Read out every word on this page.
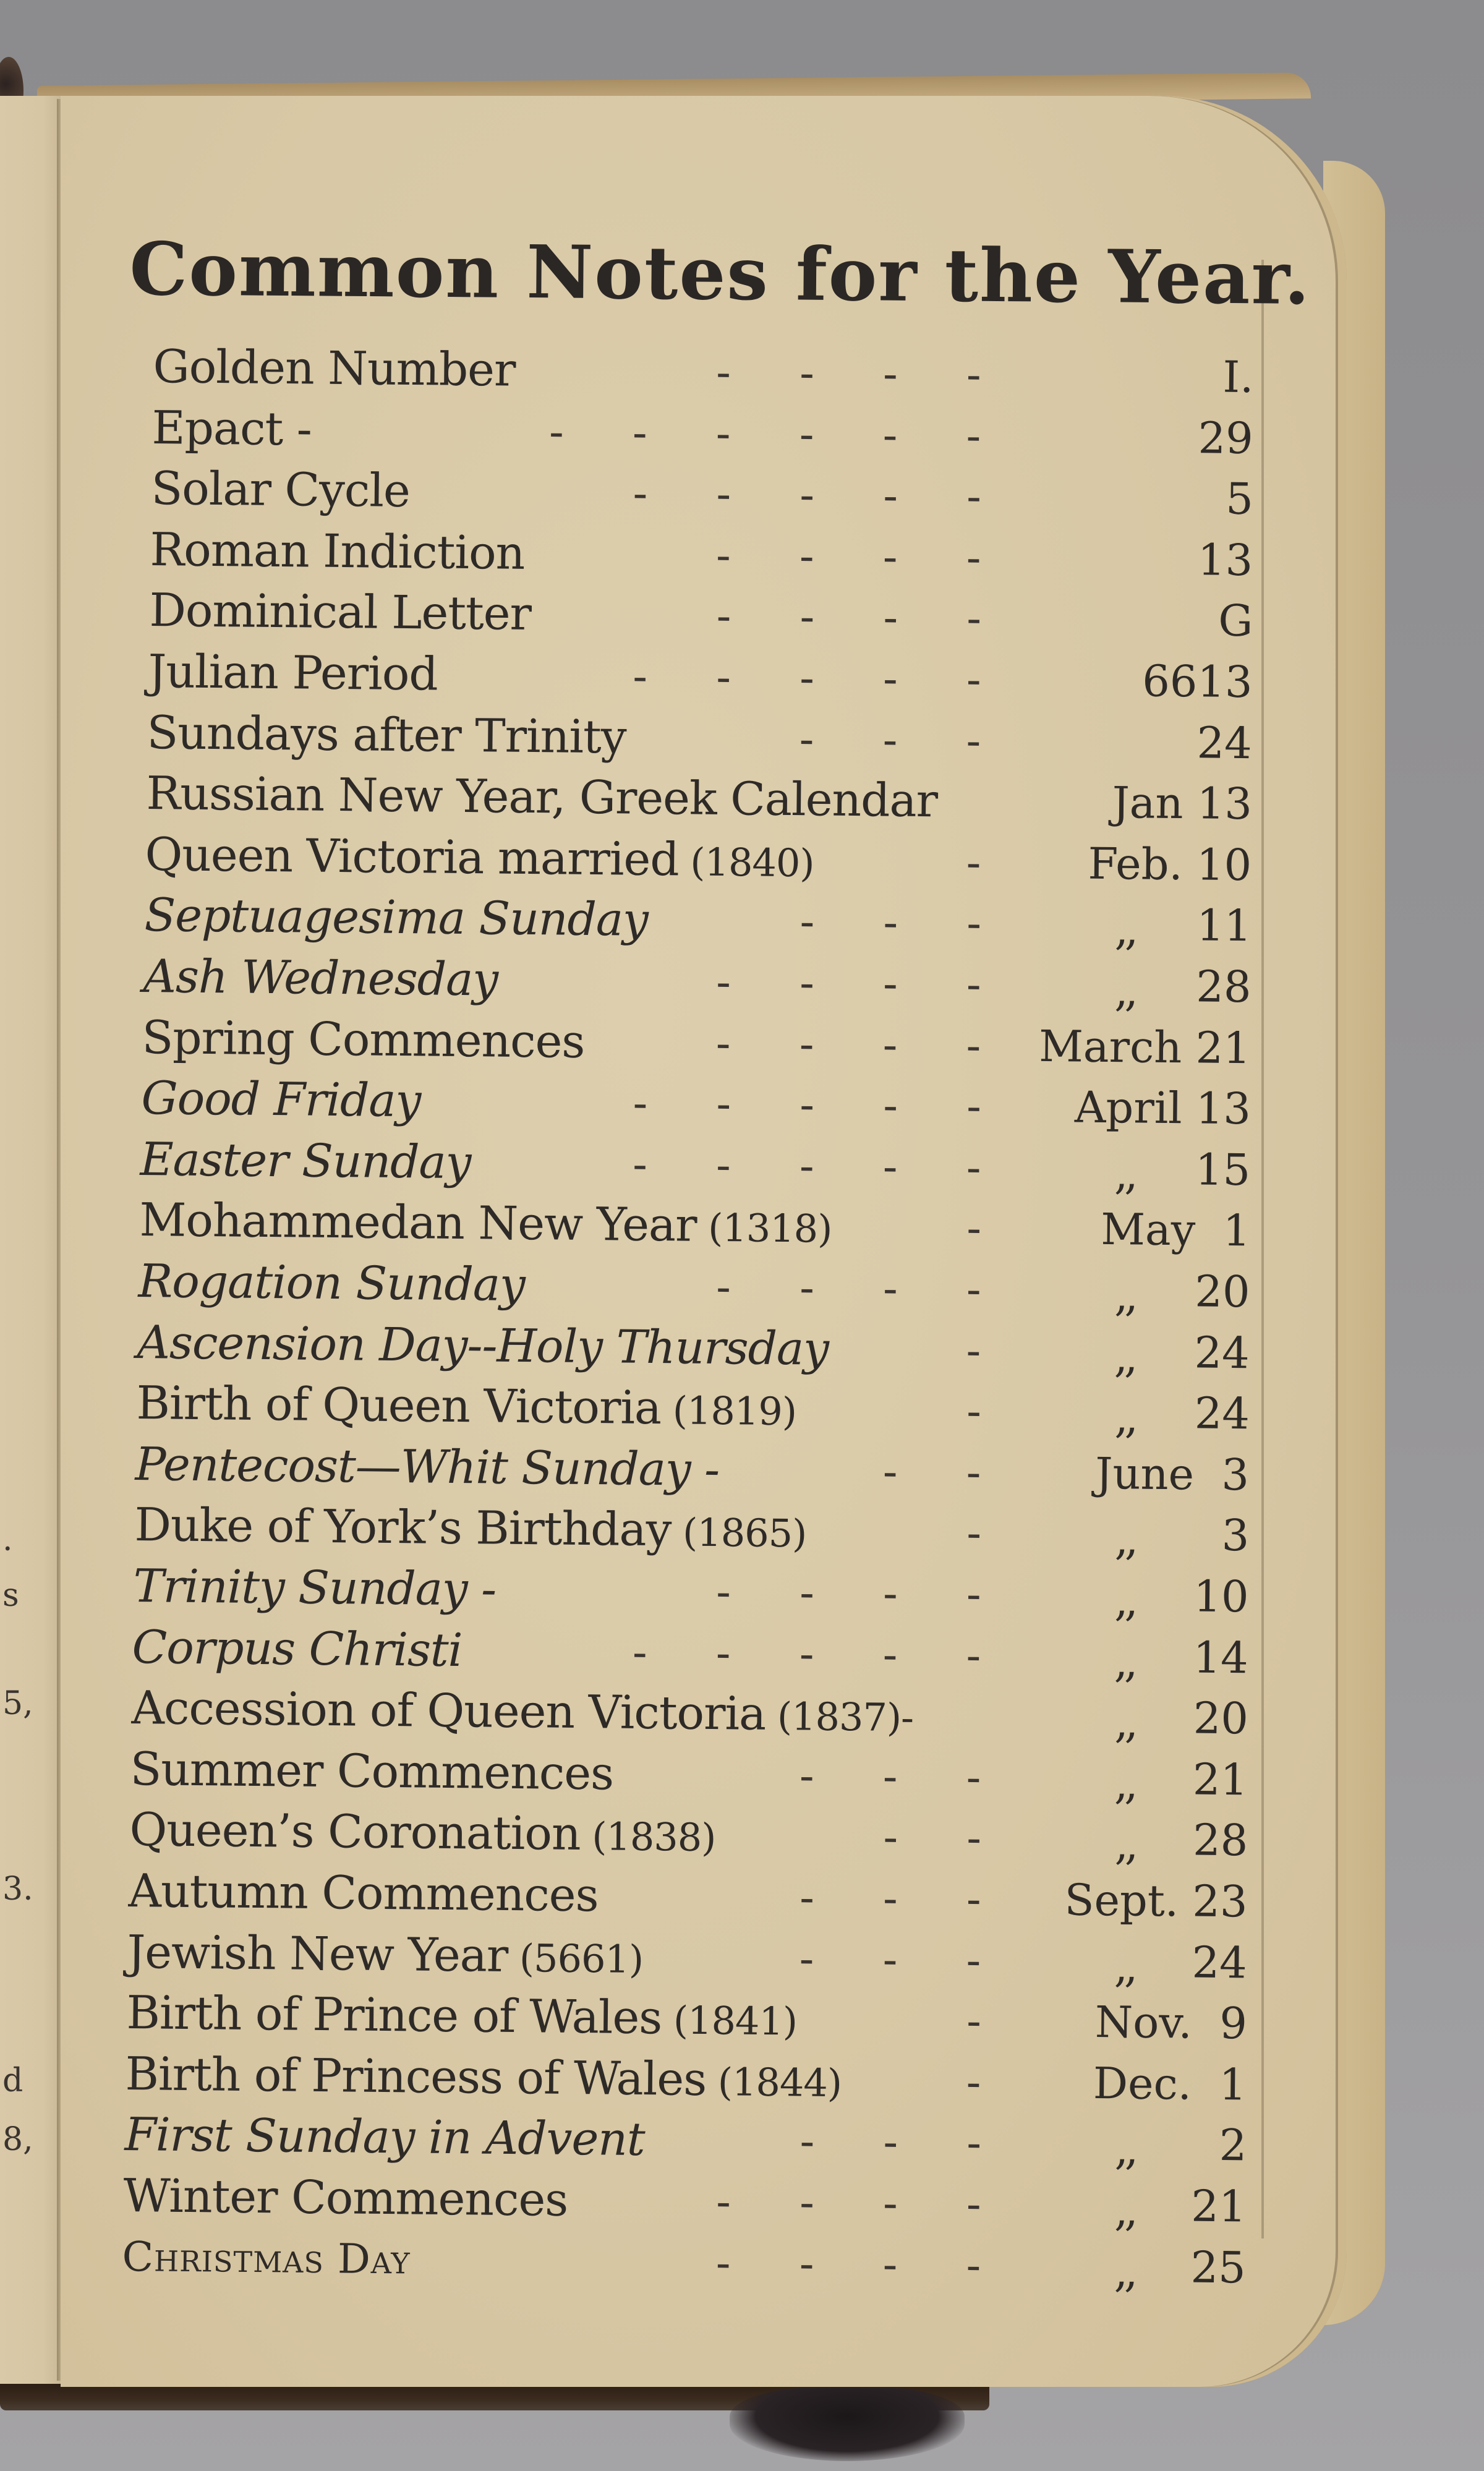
.
s
5,
3.
d
8,
Common Notes for the Year.
Golden Number	-     -     -     -	I.
Epact -	-     -     -     -     -     -	29
Solar Cycle	-     -     -     -     -	5
Roman Indiction	-     -     -     -	13
Dominical Letter	-     -     -     -	G
Julian Period	-     -     -     -     -	6613
Sundays after Trinity	-     -     -	24
Russian New Year, Greek Calendar	Jan 13
Queen Victoria married (1840)	- Feb. 10
Septuagesima Sunday	-     -     -	,, 11
Ash Wednesday	-     -     -     -	,, 28
Spring Commences	-     -     -     - March 21
Good Friday	-     -     -     -     - April 13
Easter Sunday	-     -     -     -     -	,, 15
Mohammedan New Year (1318)	-	May  1
Rogation Sunday	-     -     -     -	,, 20
Ascension Day--Holy Thursday	-	,, 24
Birth of Queen Victoria (1819)	-	,, 24
Pentecost—Whit Sunday -	-     -	June  3
Duke of York’s Birthday (1865)	-	,, 3
Trinity Sunday -	-     -     -     -	,, 10
Corpus Christi	-     -     -     -     -	,, 14
Accession of Queen Victoria (1837)-	,, 20
Summer Commences	-     -     -	,, 21
Queen’s Coronation (1838)	-     -	,, 28
Autumn Commences	-     -     - Sept. 23
Jewish New Year (5661)	-     -     -	,, 24
Birth of Prince of Wales (1841)	-	Nov.  9
Birth of Princess of Wales (1844)	-	Dec.  1
First Sunday in Advent	-     -     -	,, 2
Winter Commences	-     -     -     -	,, 21
Christmas Day	-     -     -     -	,, 25
